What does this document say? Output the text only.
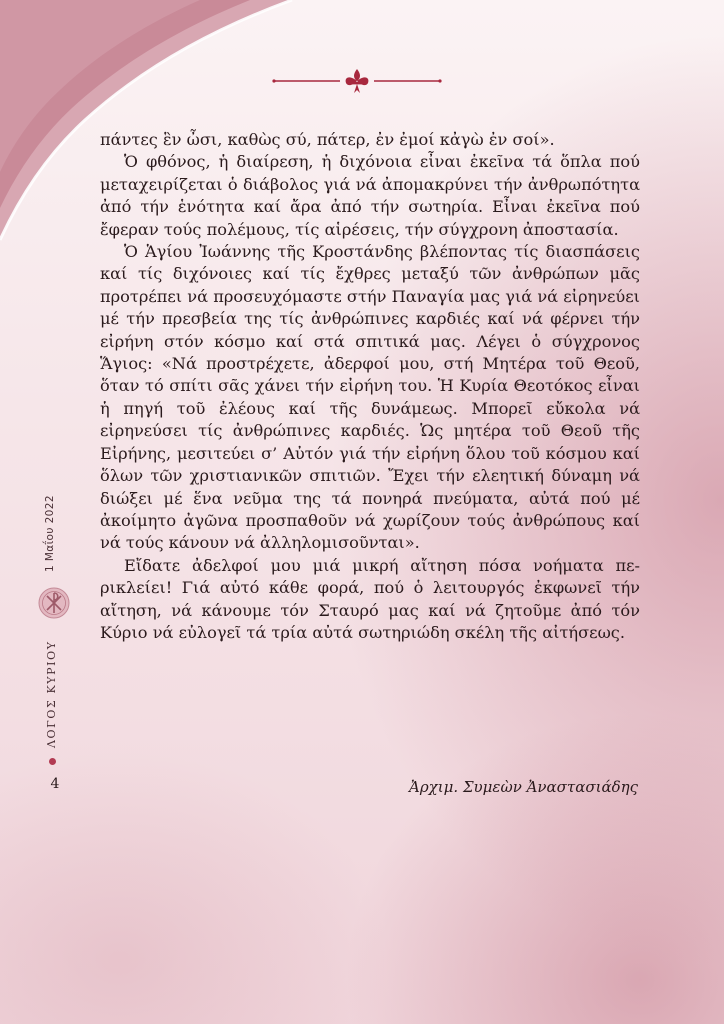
πάντες ἓν ὦσι, καθὼς σύ, πάτερ, ἐν ἐμοί κἀγὼ ἐν σοί».

Ὁ φθόνος, ἡ διαίρεση, ἡ διχόνοια εἶναι ἐκεῖνα τά ὅπλα πού μεταχειρίζεται ὁ διάβολος γιά νά ἀπομακρύνει τήν ἀνθρωπότητα ἀπό τήν ἑνότητα καί ἄρα ἀπό τήν σωτηρία. Εἶναι ἐκεῖνα πού ἔφεραν τούς πολέμους, τίς αἱρέσεις, τήν σύγχρονη ἀποστασία.

Ὁ Ἁγίου Ἰωάννης τῆς Κροστάνδης βλέποντας τίς διασπάσεις καί τίς διχόνοιες καί τίς ἔχθρες μεταξύ τῶν ἀνθρώπων μᾶς προτρέπει νά προσευχόμαστε στήν Παναγία μας γιά νά εἰρηνεύει μέ τήν πρεσβεία της τίς ἀνθρώπινες καρδιές καί νά φέρνει τήν εἰρήνη στόν κόσμο καί στά σπιτικά μας. Λέγει ὁ σύγχρονος Ἅγιος: «Νά προστρέχετε, ἀδερφοί μου, στή Μητέρα τοῦ Θεοῦ, ὅταν τό σπίτι σᾶς χάνει τήν εἰρήνη του. Ἡ Κυρία Θεοτόκος εἶναι ἡ πηγή τοῦ ἐλέους καί τῆς δυνάμεως. Μπορεῖ εὔκολα νά εἰρηνεύσει τίς ἀνθρώπινες καρδιές. Ὡς μητέρα τοῦ Θεοῦ τῆς Εἰρήνης, μεσιτεύει σ’ Αὐτόν γιά τήν εἰρήνη ὅλου τοῦ κόσμου καί ὅλων τῶν χριστιανικῶν σπιτιῶν. Ἔχει τήν ελεητική δύναμη νά διώξει μέ ἕνα νεῦμα της τά πονηρά πνεύματα, αὐτά πού μέ ἀκοίμητο ἀγῶνα προσπαθοῦν νά χωρίζουν τούς ἀνθρώπους καί νά τούς κάνουν νά ἀλληλομισοῦνται».

Εἴδατε ἀδελφοί μου μιά μικρή αἴτηση πόσα νοήματα περικλείει! Γιά αὐτό κάθε φορά, πού ὁ λειτουργός ἐκφωνεῖ τήν αἴτηση, νά κάνουμε τόν Σταυρό μας καί νά ζητοῦμε ἀπό τόν Κύριο νά εὐλογεῖ τά τρία αὐτά σωτηριώδη σκέλη τῆς αἰτήσεως.

Ἀρχιμ. Συμεὼν Ἀναστασιάδης
1 Μαΐου 2022
ΛΟΓΟΣ ΚΥΡΙΟΥ
4
